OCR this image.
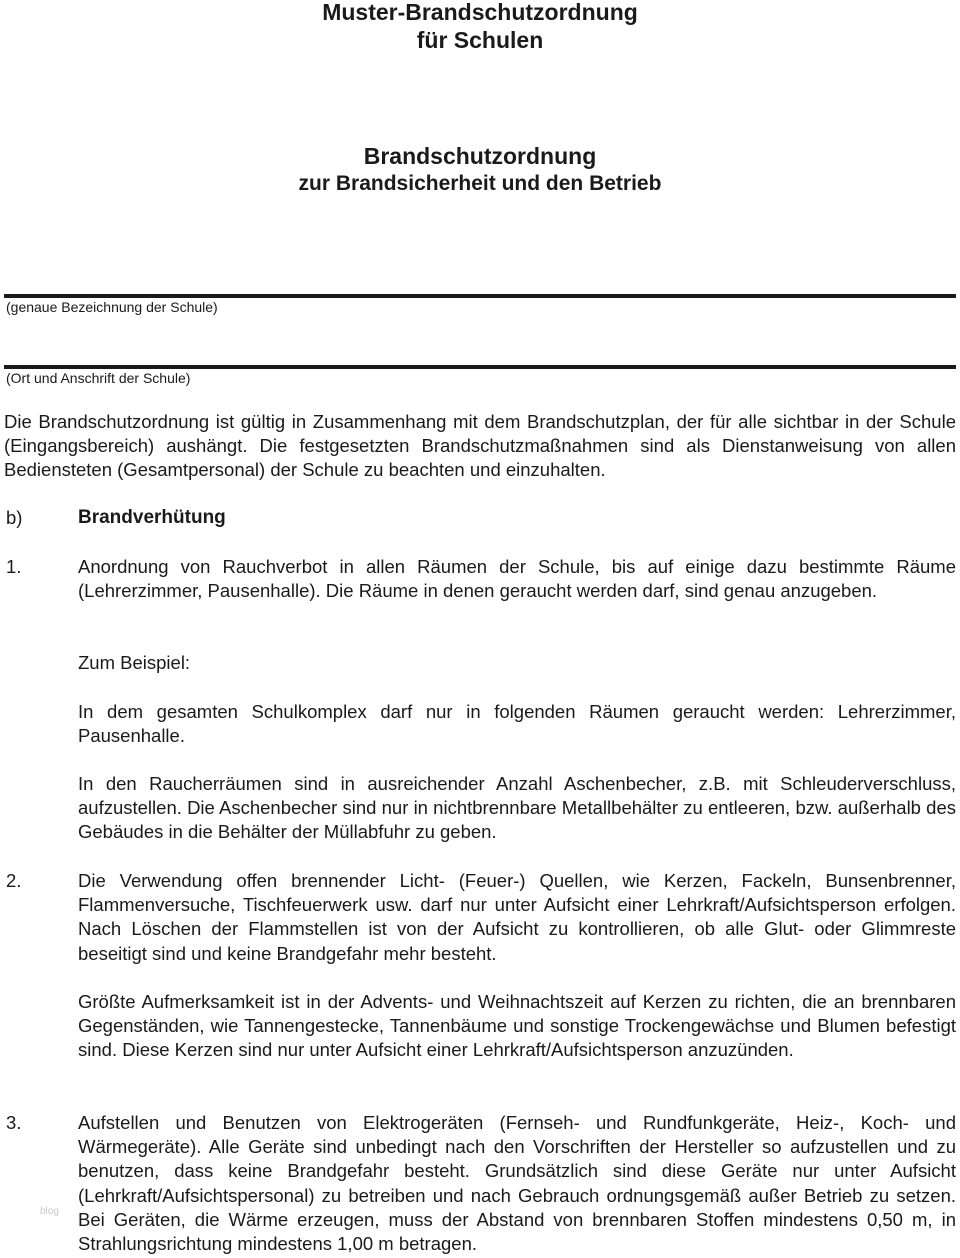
Muster-Brandschutzordnung
für Schulen
Brandschutzordnung
zur Brandsicherheit und den Betrieb
(genaue Bezeichnung der Schule)
(Ort und Anschrift der Schule)

Die Brandschutzordnung ist gültig in Zusammenhang mit dem Brandschutzplan, der für alle sichtbar in der Schule (Eingangsbereich) aushängt. Die festgesetzten Brandschutzmaßnahmen sind als Dienstanweisung von allen Bediensteten (Gesamtpersonal) der Schule zu beachten und einzuhalten.

b)	Brandverhütung
1.	Anordnung von Rauchverbot in allen Räumen der Schule, bis auf einige dazu bestimmte Räume (Lehrerzimmer, Pausenhalle). Die Räume in denen geraucht werden darf, sind genau anzugeben.

Zum Beispiel:

In dem gesamten Schulkomplex darf nur in folgenden Räumen geraucht werden: Lehrerzimmer, Pausenhalle.

In den Raucherräumen sind in ausreichender Anzahl Aschenbecher, z.B. mit Schleuderverschluss, aufzustellen. Die Aschenbecher sind nur in nichtbrennbare Metallbehälter zu entleeren, bzw. außerhalb des Gebäudes in die Behälter der Müllabfuhr zu geben.

2.	Die Verwendung offen brennender Licht- (Feuer-) Quellen, wie Kerzen, Fackeln, Bunsenbrenner, Flammenversuche, Tischfeuerwerk usw. darf nur unter Aufsicht einer Lehrkraft/Aufsichtsperson erfolgen. Nach Löschen der Flammstellen ist von der Aufsicht zu kontrollieren, ob alle Glut- oder Glimmreste beseitigt sind und keine Brandgefahr mehr besteht.

Größte Aufmerksamkeit ist in der Advents- und Weihnachtszeit auf Kerzen zu richten, die an brennbaren Gegenständen, wie Tannengestecke, Tannenbäume und sonstige Trockengewächse und Blumen befestigt sind. Diese Kerzen sind nur unter Aufsicht einer Lehrkraft/Aufsichtsperson anzuzünden.

3.	Aufstellen und Benutzen von Elektrogeräten (Fernseh- und Rundfunkgeräte, Heiz-, Koch- und Wärmegeräte). Alle Geräte sind unbedingt nach den Vorschriften der Hersteller so aufzustellen und zu benutzen, dass keine Brandgefahr besteht. Grundsätzlich sind diese Geräte nur unter Aufsicht (Lehrkraft/Aufsichtspersonal) zu betreiben und nach Gebrauch ordnungsgemäß außer Betrieb zu setzen. Bei Geräten, die Wärme erzeugen, muss der Abstand von brennbaren Stoffen mindestens 0,50 m, in Strahlungsrichtung mindestens 1,00 m betragen.

blog
